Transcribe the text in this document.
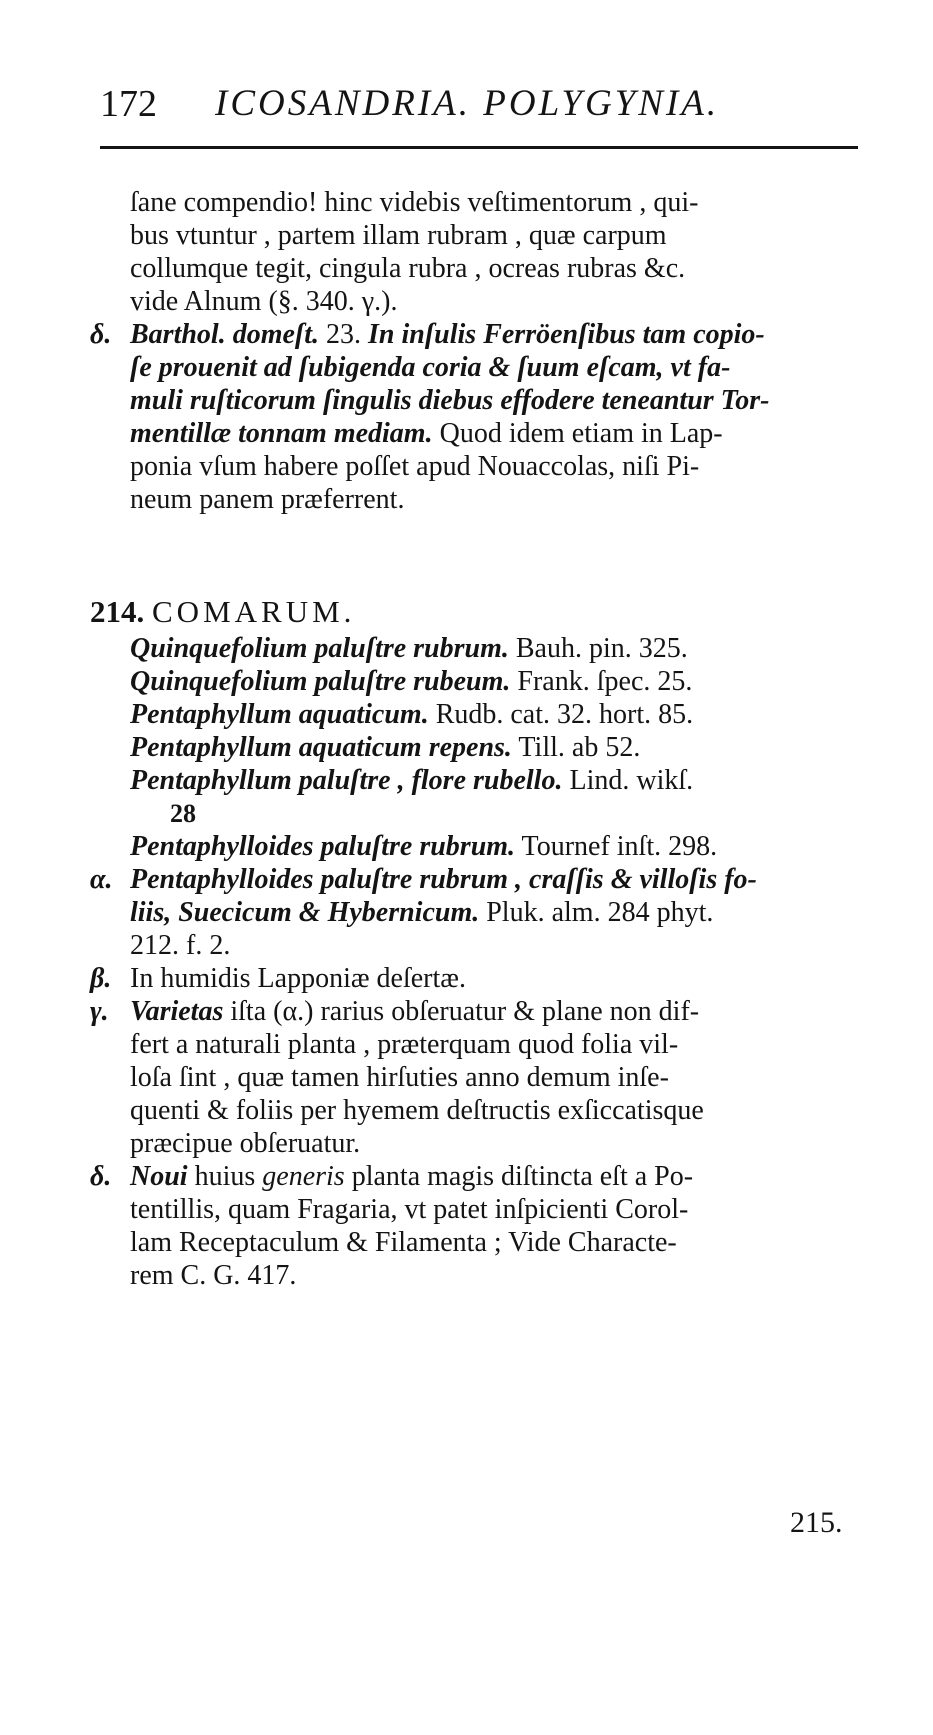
172 ICOSANDRIA. POLYGYNIA.
ſane compendio! hinc videbis veſtimentorum , qui-
bus vtuntur , partem illam rubram , quæ carpum
collumque tegit, cingula rubra , ocreas rubras &c.
vide Alnum (§. 340. γ.).
δ. Barthol. domeſt. 23. In inſulis Ferröenſibus tam copio-
ſe prouenit ad ſubigenda coria & ſuum eſcam, vt fa-
muli ruſticorum ſingulis diebus effodere teneantur Tor-
mentillæ tonnam mediam. Quod idem etiam in Lap-
ponia vſum habere poſſet apud Nouaccolas, niſi Pi-
neum panem præferrent.
214. COMARUM.
Quinquefolium paluſtre rubrum. Bauh. pin. 325.
Quinquefolium paluſtre rubeum. Frank. ſpec. 25.
Pentaphyllum aquaticum. Rudb. cat. 32. hort. 85.
Pentaphyllum aquaticum repens. Till. ab 52.
Pentaphyllum paluſtre , flore rubello. Lind. wikſ.
28
Pentaphylloides paluſtre rubrum. Tournef inſt. 298.
α. Pentaphylloides paluſtre rubrum , craſſis & villoſis fo-
liis, Suecicum & Hybernicum. Pluk. alm. 284 phyt.
212. f. 2.
β. In humidis Lapponiæ deſertæ.
γ. Varietas iſta (α.) rarius obſeruatur & plane non dif-
fert a naturali planta , præterquam quod folia vil-
loſa ſint , quæ tamen hirſuties anno demum inſe-
quenti & foliis per hyemem deſtructis exſiccatisque
præcipue obſeruatur.
δ. Noui huius generis planta magis diſtincta eſt a Po-
tentillis, quam Fragaria, vt patet inſpicienti Corol-
lam Receptaculum & Filamenta ; Vide Characte-
rem C. G. 417.
215.
